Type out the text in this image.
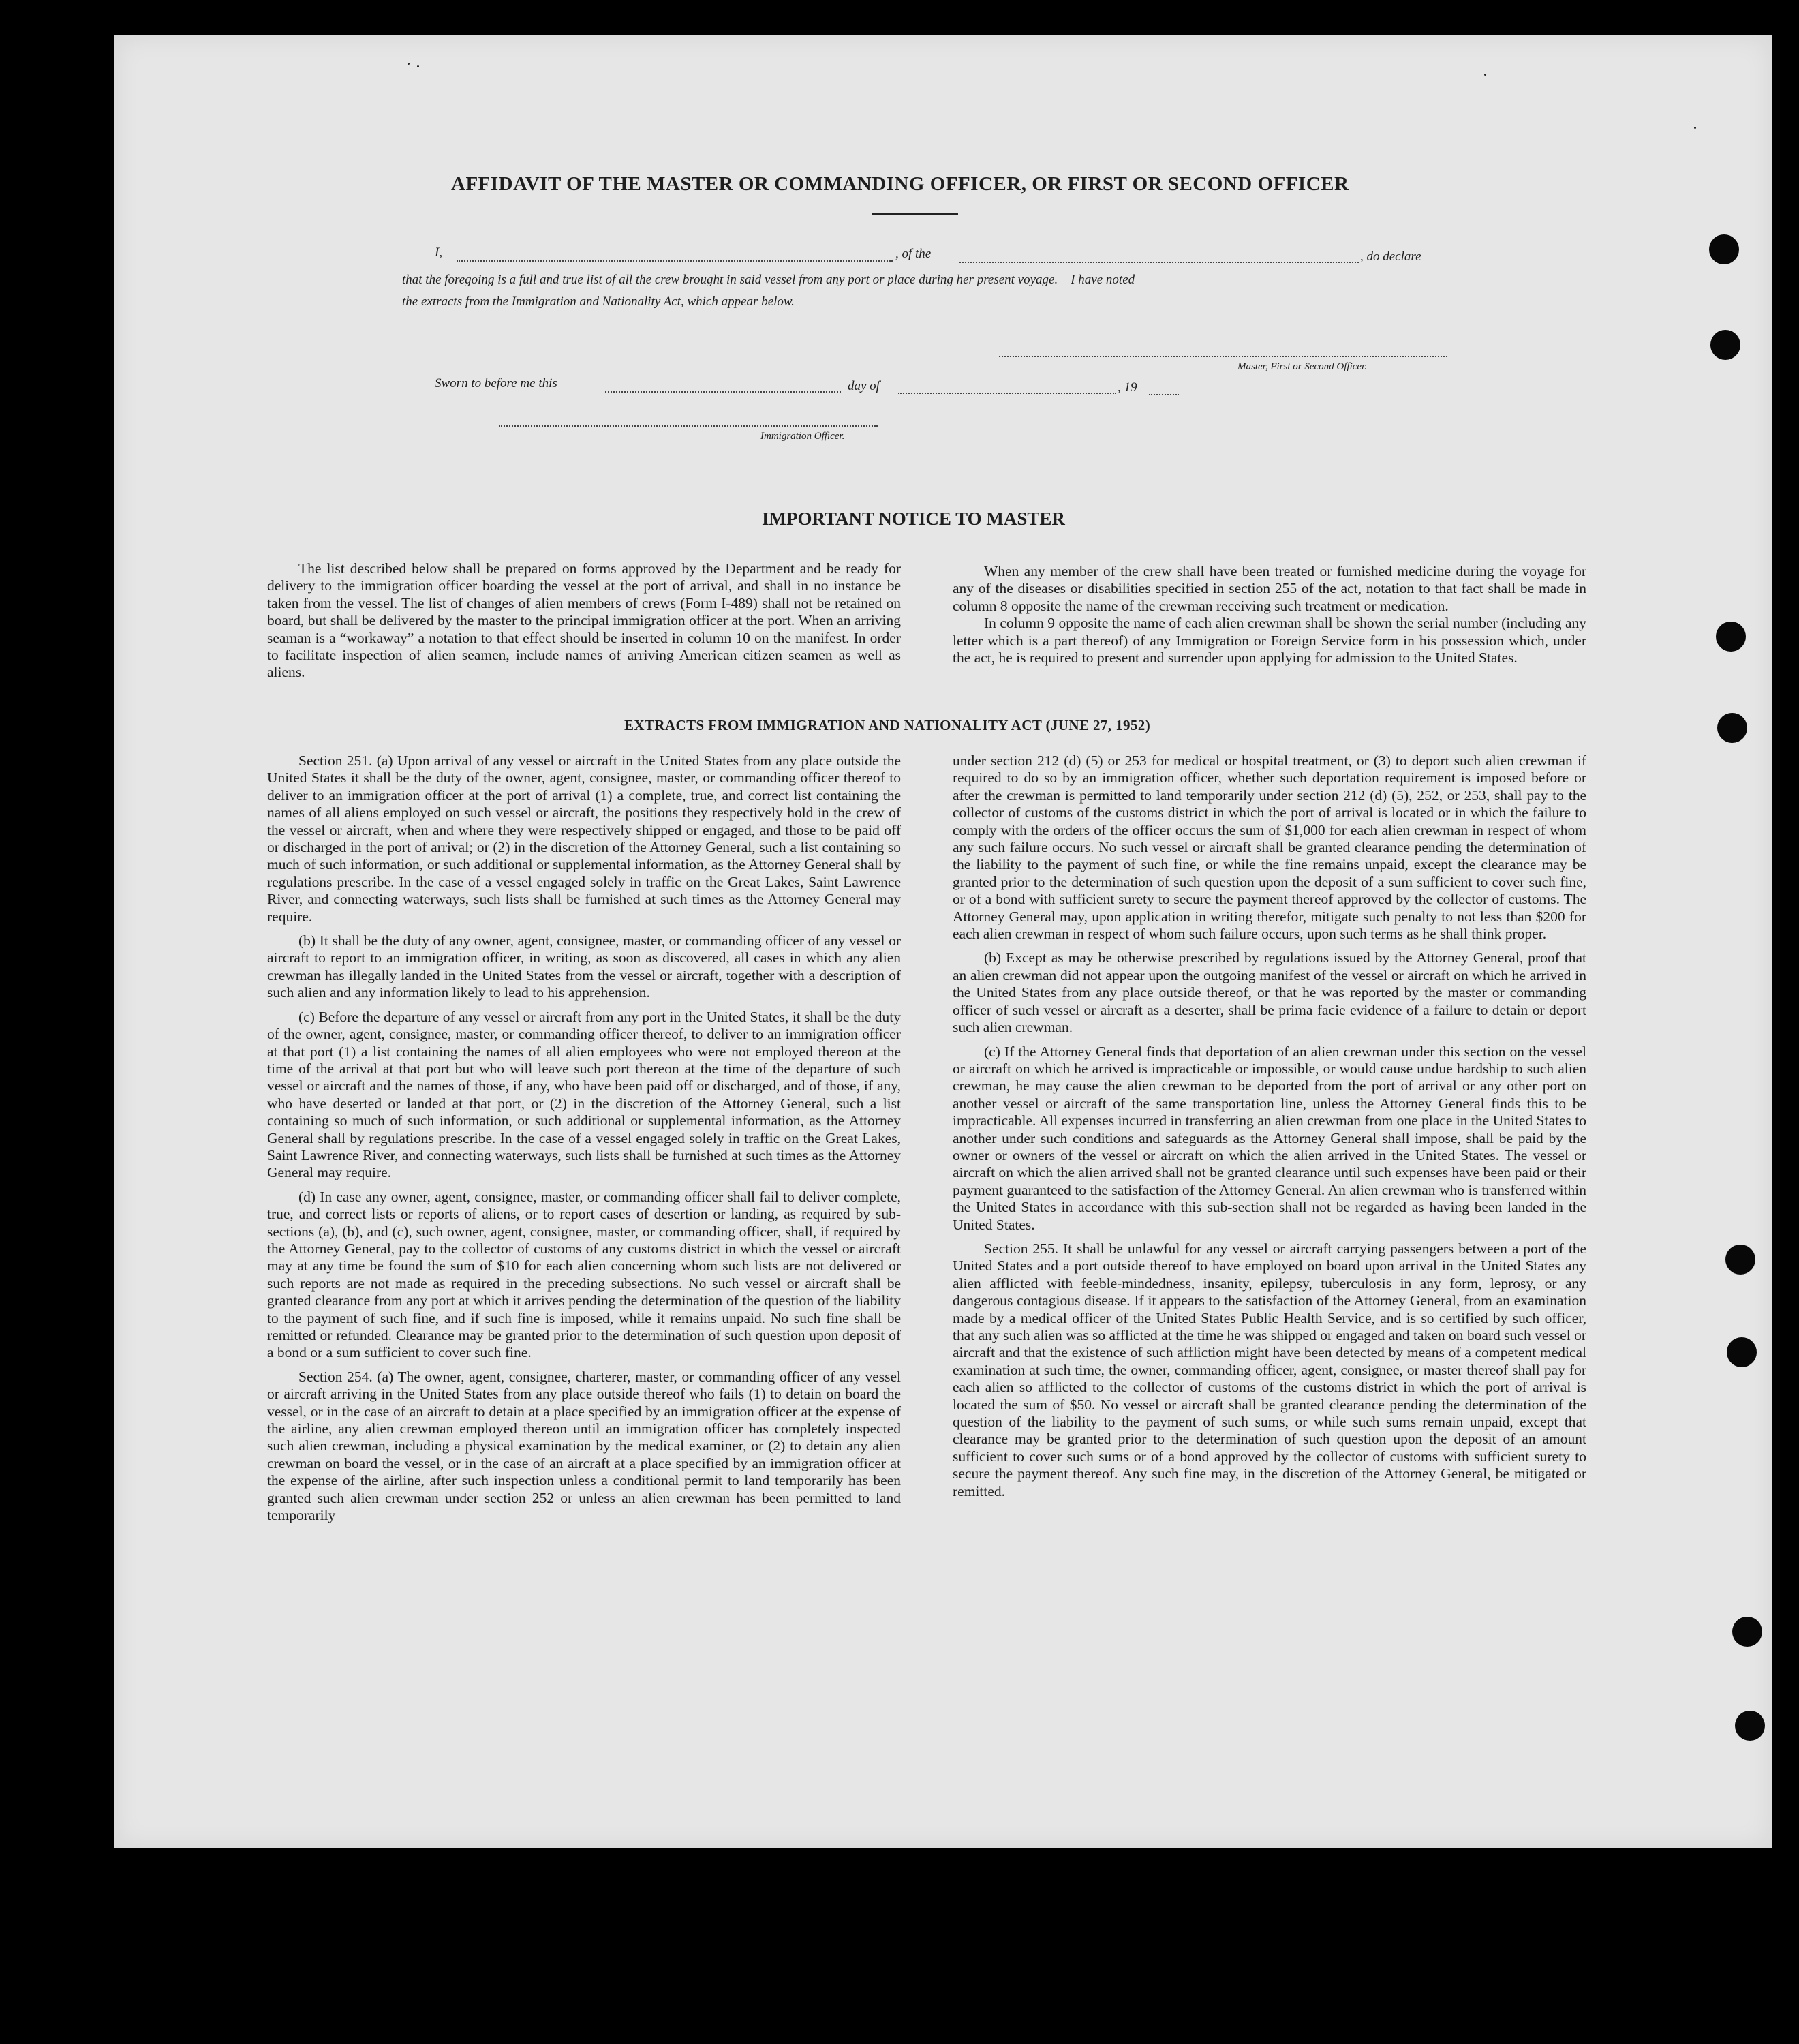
AFFIDAVIT OF THE MASTER OR COMMANDING OFFICER, OR FIRST OR SECOND OFFICER
I,	, of the	, do declare
that the foregoing is a full and true list of all the crew brought in said vessel from any port or place during her present voyage.    I have noted
the extracts from the Immigration and Nationality Act, which appear below.
Master, First or Second Officer.
Sworn to before me this	day of	, 19
Immigration Officer.
IMPORTANT NOTICE TO MASTER

The list described below shall be prepared on forms approved by the Department and be ready for delivery to the immigration officer boarding the vessel at the port of arrival, and shall in no instance be taken from the vessel. The list of changes of alien members of crews (Form I-489) shall not be retained on board, but shall be delivered by the master to the principal immigration officer at the port. When an arriving seaman is a “workaway” a notation to that effect should be inserted in column 10 on the manifest. In order to facilitate inspection of alien seamen, include names of arriving American citizen seamen as well as aliens.

When any member of the crew shall have been treated or furnished medicine during the voyage for any of the diseases or disabilities specified in section 255 of the act, notation to that fact shall be made in column 8 opposite the name of the crewman receiving such treatment or medication.

In column 9 opposite the name of each alien crewman shall be shown the serial number (including any letter which is a part thereof) of any Immigration or Foreign Service form in his possession which, under the act, he is required to present and surrender upon applying for admission to the United States.

EXTRACTS FROM IMMIGRATION AND NATIONALITY ACT (JUNE 27, 1952)

Section 251. (a) Upon arrival of any vessel or aircraft in the United States from any place outside the United States it shall be the duty of the owner, agent, consignee, master, or commanding officer thereof to deliver to an immigration officer at the port of arrival (1) a complete, true, and correct list containing the names of all aliens employed on such vessel or aircraft, the positions they respectively hold in the crew of the vessel or aircraft, when and where they were respectively shipped or engaged, and those to be paid off or discharged in the port of arrival; or (2) in the discretion of the Attorney General, such a list containing so much of such information, or such additional or supplemental information, as the Attorney General shall by regulations prescribe. In the case of a vessel engaged solely in traffic on the Great Lakes, Saint Lawrence River, and connecting waterways, such lists shall be furnished at such times as the Attorney General may require.

(b) It shall be the duty of any owner, agent, consignee, master, or commanding officer of any vessel or aircraft to report to an immigration officer, in writing, as soon as discovered, all cases in which any alien crewman has illegally landed in the United States from the vessel or aircraft, together with a description of such alien and any information likely to lead to his apprehension.

(c) Before the departure of any vessel or aircraft from any port in the United States, it shall be the duty of the owner, agent, consignee, master, or commanding officer thereof, to deliver to an immigration officer at that port (1) a list containing the names of all alien employees who were not employed thereon at the time of the arrival at that port but who will leave such port thereon at the time of the departure of such vessel or aircraft and the names of those, if any, who have been paid off or discharged, and of those, if any, who have deserted or landed at that port, or (2) in the discretion of the Attorney General, such a list containing so much of such information, or such additional or supplemental information, as the Attorney General shall by regulations prescribe. In the case of a vessel engaged solely in traffic on the Great Lakes, Saint Lawrence River, and connecting waterways, such lists shall be furnished at such times as the Attorney General may require.

(d) In case any owner, agent, consignee, master, or commanding officer shall fail to deliver complete, true, and correct lists or reports of aliens, or to report cases of desertion or landing, as required by sub-sections (a), (b), and (c), such owner, agent, consignee, master, or commanding officer, shall, if required by the Attorney General, pay to the collector of customs of any customs district in which the vessel or aircraft may at any time be found the sum of $10 for each alien concerning whom such lists are not delivered or such reports are not made as required in the preceding subsections. No such vessel or aircraft shall be granted clearance from any port at which it arrives pending the determination of the question of the liability to the payment of such fine, and if such fine is imposed, while it remains unpaid. No such fine shall be remitted or refunded. Clearance may be granted prior to the determination of such question upon deposit of a bond or a sum sufficient to cover such fine.

Section 254. (a) The owner, agent, consignee, charterer, master, or commanding officer of any vessel or aircraft arriving in the United States from any place outside thereof who fails (1) to detain on board the vessel, or in the case of an aircraft to detain at a place specified by an immigration officer at the expense of the airline, any alien crewman employed thereon until an immigration officer has completely inspected such alien crewman, including a physical examination by the medical examiner, or (2) to detain any alien crewman on board the vessel, or in the case of an aircraft at a place specified by an immigration officer at the expense of the airline, after such inspection unless a conditional permit to land temporarily has been granted such alien crewman under section 252 or unless an alien crewman has been permitted to land temporarily

under section 212 (d) (5) or 253 for medical or hospital treatment, or (3) to deport such alien crewman if required to do so by an immigration officer, whether such deportation requirement is imposed before or after the crewman is permitted to land temporarily under section 212 (d) (5), 252, or 253, shall pay to the collector of customs of the customs district in which the port of arrival is located or in which the failure to comply with the orders of the officer occurs the sum of $1,000 for each alien crewman in respect of whom any such failure occurs. No such vessel or aircraft shall be granted clearance pending the determination of the liability to the payment of such fine, or while the fine remains unpaid, except the clearance may be granted prior to the determination of such question upon the deposit of a sum sufficient to cover such fine, or of a bond with sufficient surety to secure the payment thereof approved by the collector of customs. The Attorney General may, upon application in writing therefor, mitigate such penalty to not less than $200 for each alien crewman in respect of whom such failure occurs, upon such terms as he shall think proper.

(b) Except as may be otherwise prescribed by regulations issued by the Attorney General, proof that an alien crewman did not appear upon the outgoing manifest of the vessel or aircraft on which he arrived in the United States from any place outside thereof, or that he was reported by the master or commanding officer of such vessel or aircraft as a deserter, shall be prima facie evidence of a failure to detain or deport such alien crewman.

(c) If the Attorney General finds that deportation of an alien crewman under this section on the vessel or aircraft on which he arrived is impracticable or impossible, or would cause undue hardship to such alien crewman, he may cause the alien crewman to be deported from the port of arrival or any other port on another vessel or aircraft of the same transportation line, unless the Attorney General finds this to be impracticable. All expenses incurred in transferring an alien crewman from one place in the United States to another under such conditions and safeguards as the Attorney General shall impose, shall be paid by the owner or owners of the vessel or aircraft on which the alien arrived in the United States. The vessel or aircraft on which the alien arrived shall not be granted clearance until such expenses have been paid or their payment guaranteed to the satisfaction of the Attorney General. An alien crewman who is transferred within the United States in accordance with this sub-section shall not be regarded as having been landed in the United States.

Section 255. It shall be unlawful for any vessel or aircraft carrying passengers between a port of the United States and a port outside thereof to have employed on board upon arrival in the United States any alien afflicted with feeble-mindedness, insanity, epilepsy, tuberculosis in any form, leprosy, or any dangerous contagious disease. If it appears to the satisfaction of the Attorney General, from an examination made by a medical officer of the United States Public Health Service, and is so certified by such officer, that any such alien was so afflicted at the time he was shipped or engaged and taken on board such vessel or aircraft and that the existence of such affliction might have been detected by means of a competent medical examination at such time, the owner, commanding officer, agent, consignee, or master thereof shall pay for each alien so afflicted to the collector of customs of the customs district in which the port of arrival is located the sum of $50. No vessel or aircraft shall be granted clearance pending the determination of the question of the liability to the payment of such sums, or while such sums remain unpaid, except that clearance may be granted prior to the determination of such question upon the deposit of an amount sufficient to cover such sums or of a bond approved by the collector of customs with sufficient surety to secure the payment thereof. Any such fine may, in the discretion of the Attorney General, be mitigated or remitted.
